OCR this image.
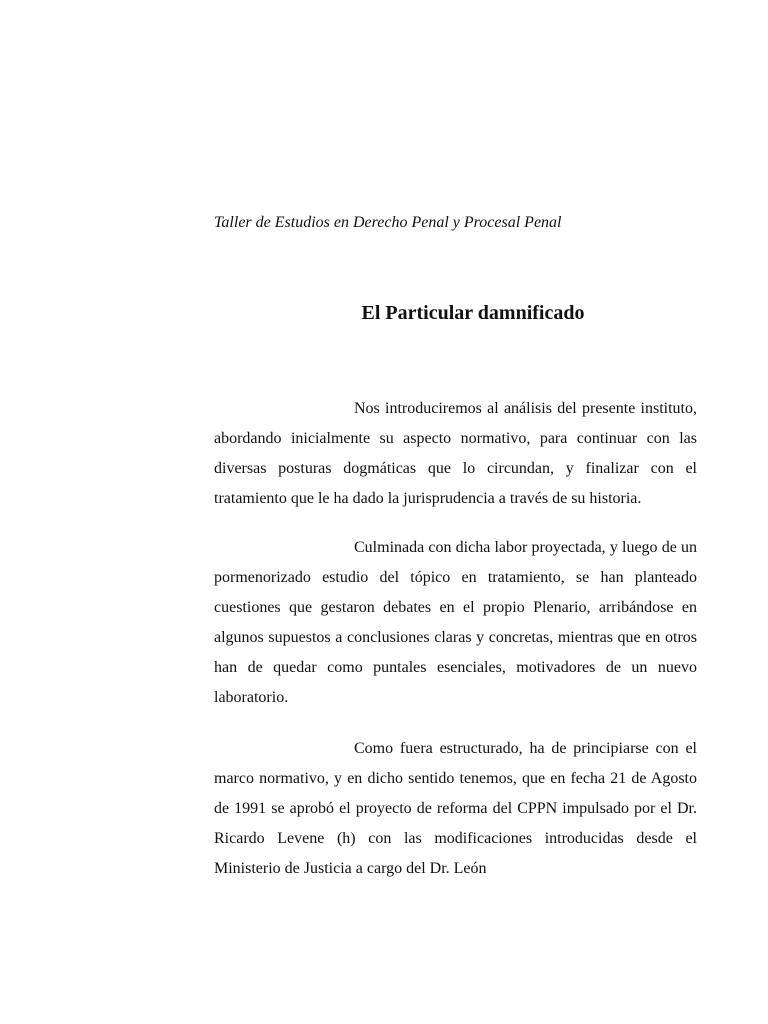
Taller de Estudios en Derecho Penal y Procesal Penal
El Particular damnificado

Nos introduciremos al análisis del presente instituto, abordando inicialmente su aspecto normativo, para continuar con las diversas posturas dogmáticas que lo circundan, y finalizar con el tratamiento que le ha dado la jurisprudencia a través de su historia.

Culminada con dicha labor proyectada, y luego de un pormenorizado estudio del tópico en tratamiento, se han planteado cuestiones que gestaron debates en el propio Plenario, arribándose en algunos supuestos a conclusiones claras y concretas, mientras que en otros han de quedar como puntales esenciales, motivadores de un nuevo laboratorio.

Como fuera estructurado, ha de principiarse con el marco normativo, y en dicho sentido tenemos, que en fecha 21 de Agosto de 1991 se aprobó el proyecto de reforma del CPPN impulsado por el Dr. Ricardo Levene (h) con las modificaciones introducidas desde el Ministerio de Justicia a cargo del Dr. León
